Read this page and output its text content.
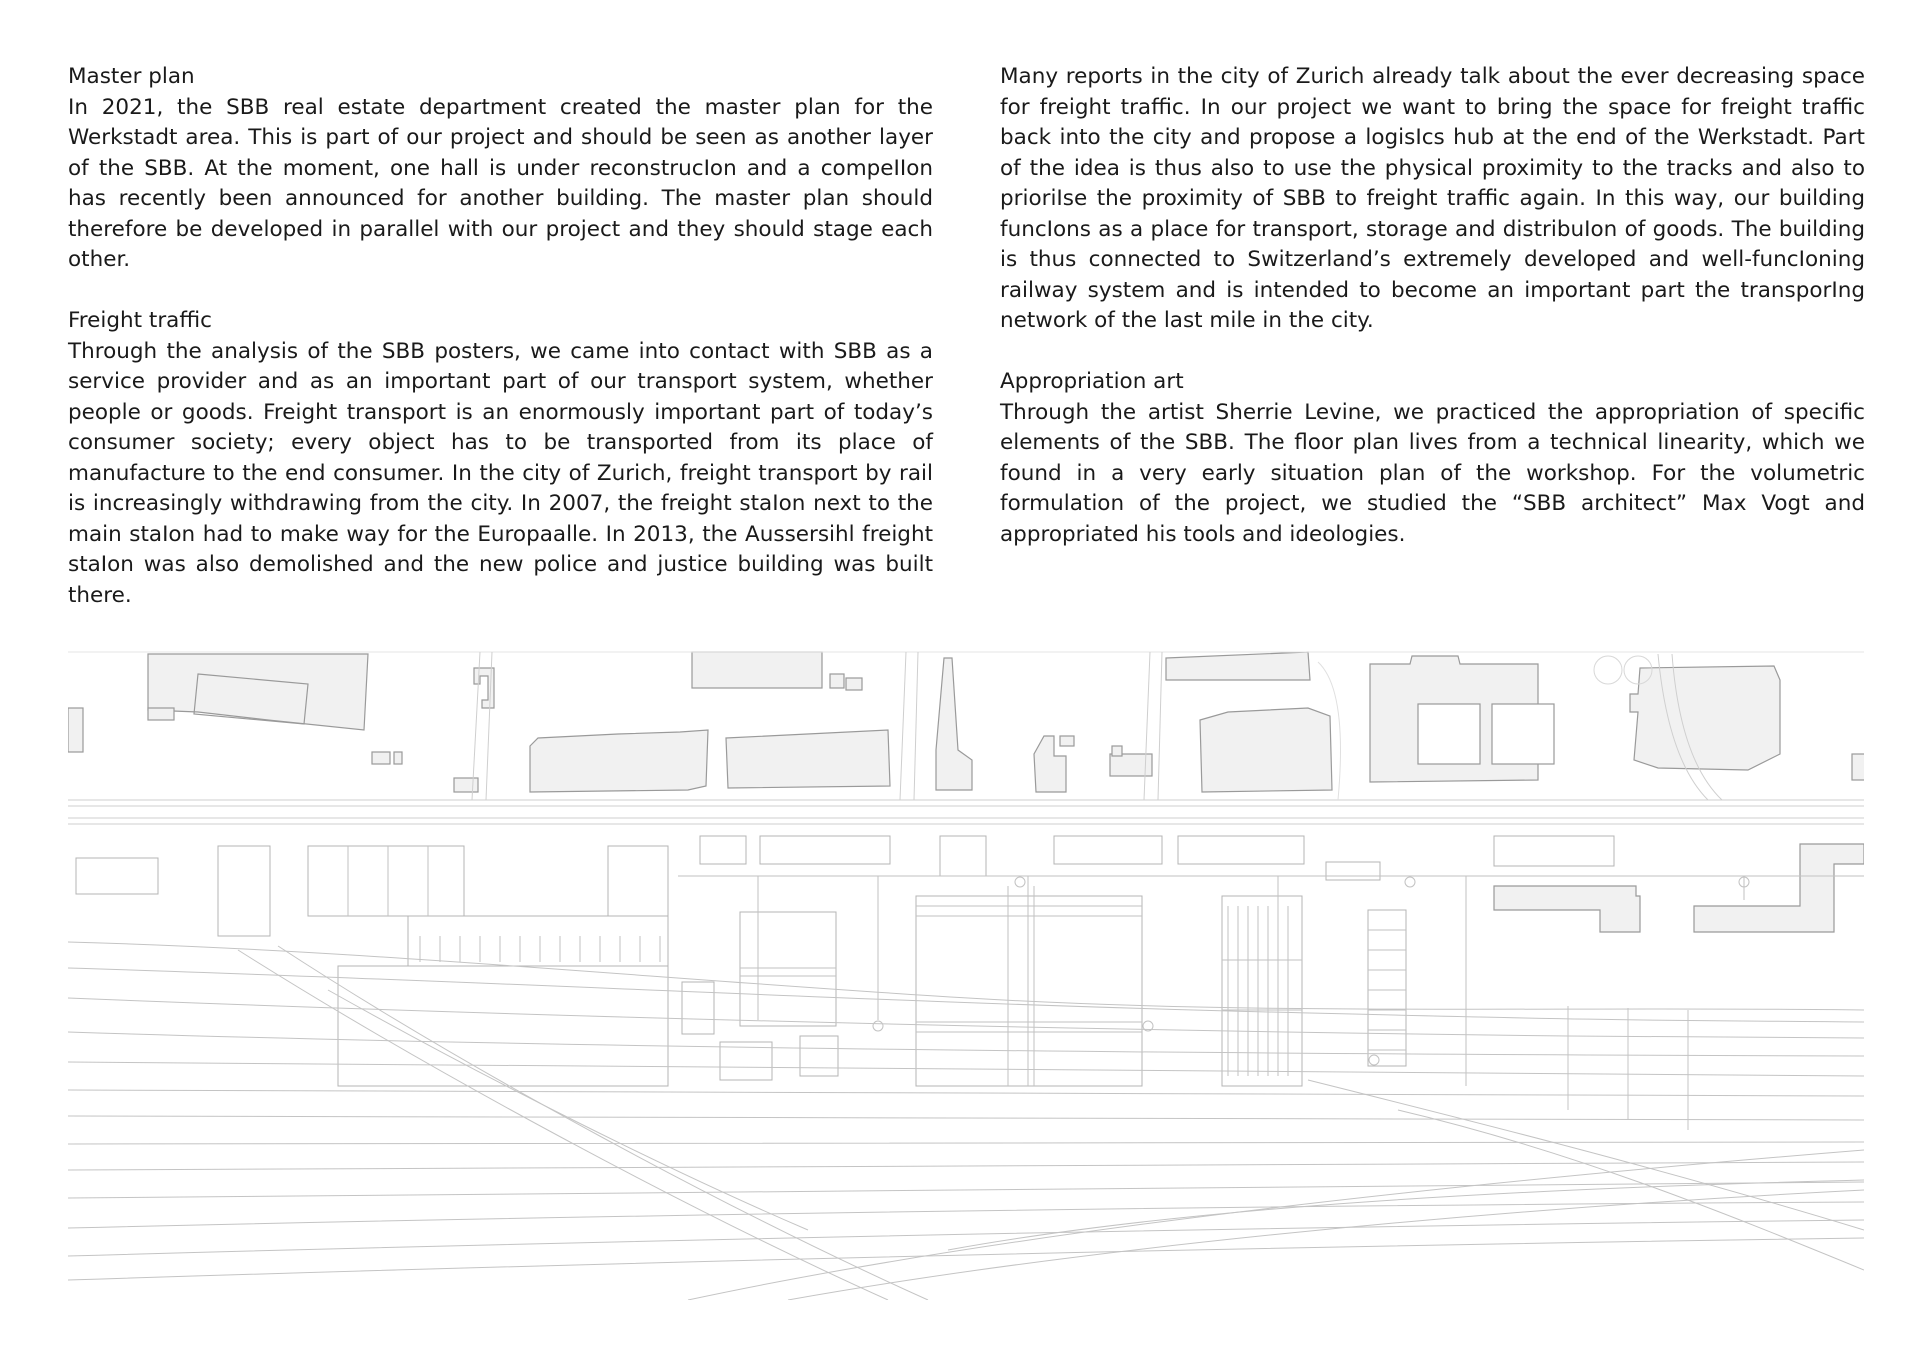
Master plan

In 2021, the SBB real estate department created the master plan for the Werkstadt area. This is part of our project and should be seen as another layer of the SBB. At the moment, one hall is under reconstrucIon and a compeIIon has recently been announced for another building. The master plan should therefore be developed in parallel with our project and they should stage each other.

Freight traffic

Through the analysis of the SBB posters, we came into contact with SBB as a service provider and as an important part of our transport system, whether people or goods. Freight transport is an enormously important part of today’s consumer society; every object has to be transported from its place of manufacture to the end consumer. In the city of Zurich, freight transport by rail is increasingly withdrawing from the city. In 2007, the freight staIon next to the main staIon had to make way for the Europaalle. In 2013, the Aussersihl freight staIon was also demolished and the new police and justice building was built there.

Many reports in the city of Zurich already talk about the ever decreasing space for freight traffic. In our project we want to bring the space for freight traffic back into the city and propose a logisIcs hub at the end of the Werkstadt. Part of the idea is thus also to use the physical proximity to the tracks and also to prioriIse the proximity of SBB to freight traffic again. In this way, our building funcIons as a place for transport, storage and distribuIon of goods. The building is thus connected to Switzerland’s extremely developed and well-funcIoning railway system and is intended to become an important part the transporIng network of the last mile in the city.

Appropriation art

Through the artist Sherrie Levine, we practiced the appropriation of specific elements of the SBB. The floor plan lives from a technical linearity, which we found in a very early situation plan of the workshop. For the volumetric formulation of the project, we studied the “SBB architect” Max Vogt and appropriated his tools and ideologies.
